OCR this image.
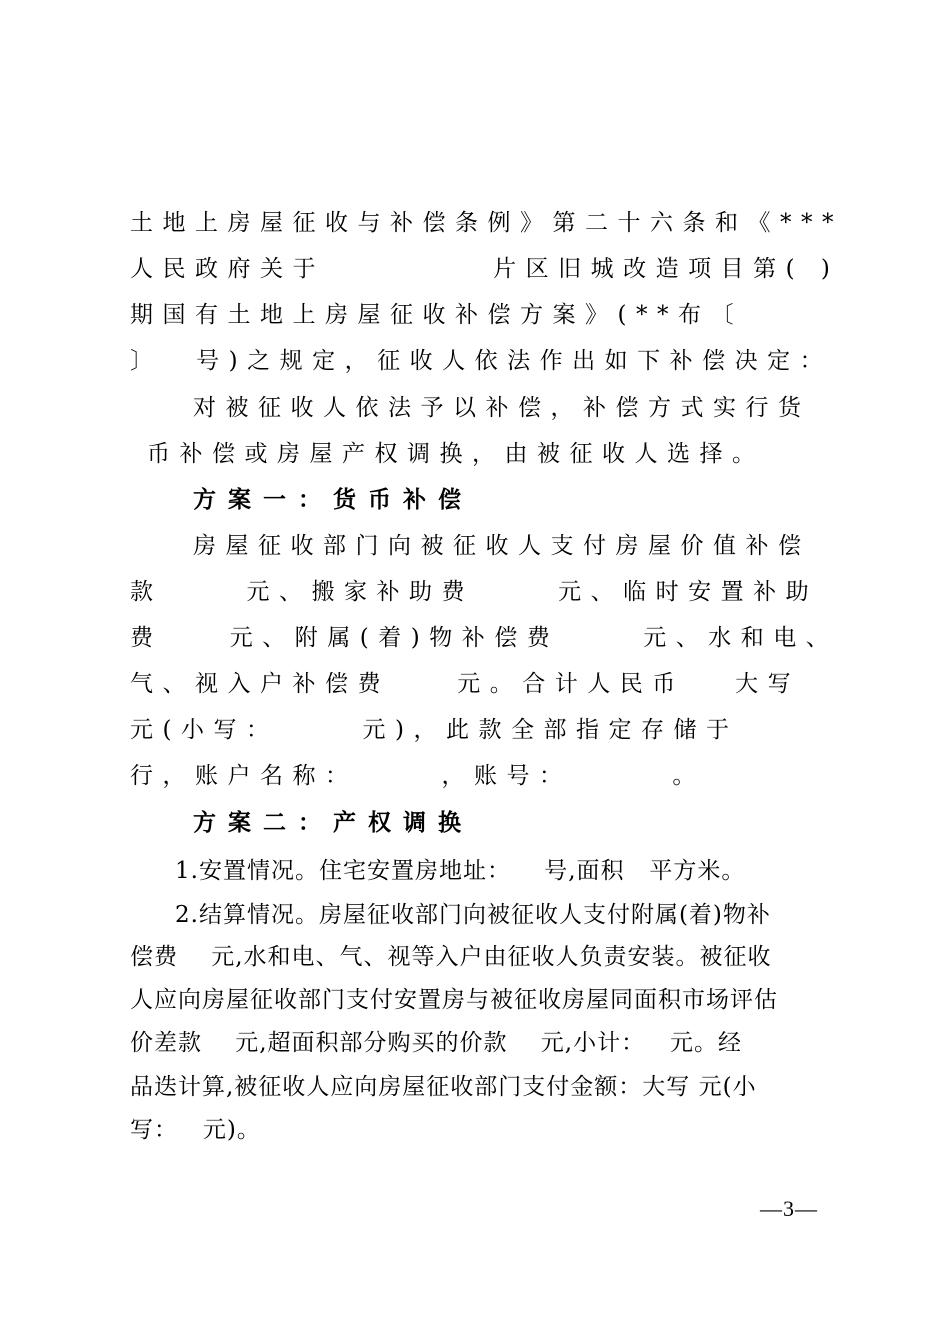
土地上房屋征收与补偿条例》第二十六条和《***
人民政府关于          片区旧城改造项目第( )
期国有土地上房屋征收补偿方案》(**布〔
〕  号)之规定，征收人依法作出如下补偿决定：
对被征收人依法予以补偿，补偿方式实行货
币补偿或房屋产权调换，由被征收人选择。
方案一：货币补偿
房屋征收部门向被征收人支付房屋价值补偿
款     元、搬家补助费     元、临时安置补助
费    元、附属(着)物补偿费     元、水和电、
气、视入户补偿费    元。合计人民币   大写
元(小写：     元)，此款全部指定存储于
行，账户名称：     ，账号：      。
方案二：产权调换
1.安置情况。住宅安置房地址：    号,面积   平方米。
2.结算情况。房屋征收部门向被征收人支付附属(着)物补
偿费    元,水和电、气、视等入户由征收人负责安装。被征收
人应向房屋征收部门支付安置房与被征收房屋同面积市场评估
价差款    元,超面积部分购买的价款    元,小计：   元。经
品迭计算,被征收人应向房屋征收部门支付金额：大写 元(小
写：   元)。
—3—
